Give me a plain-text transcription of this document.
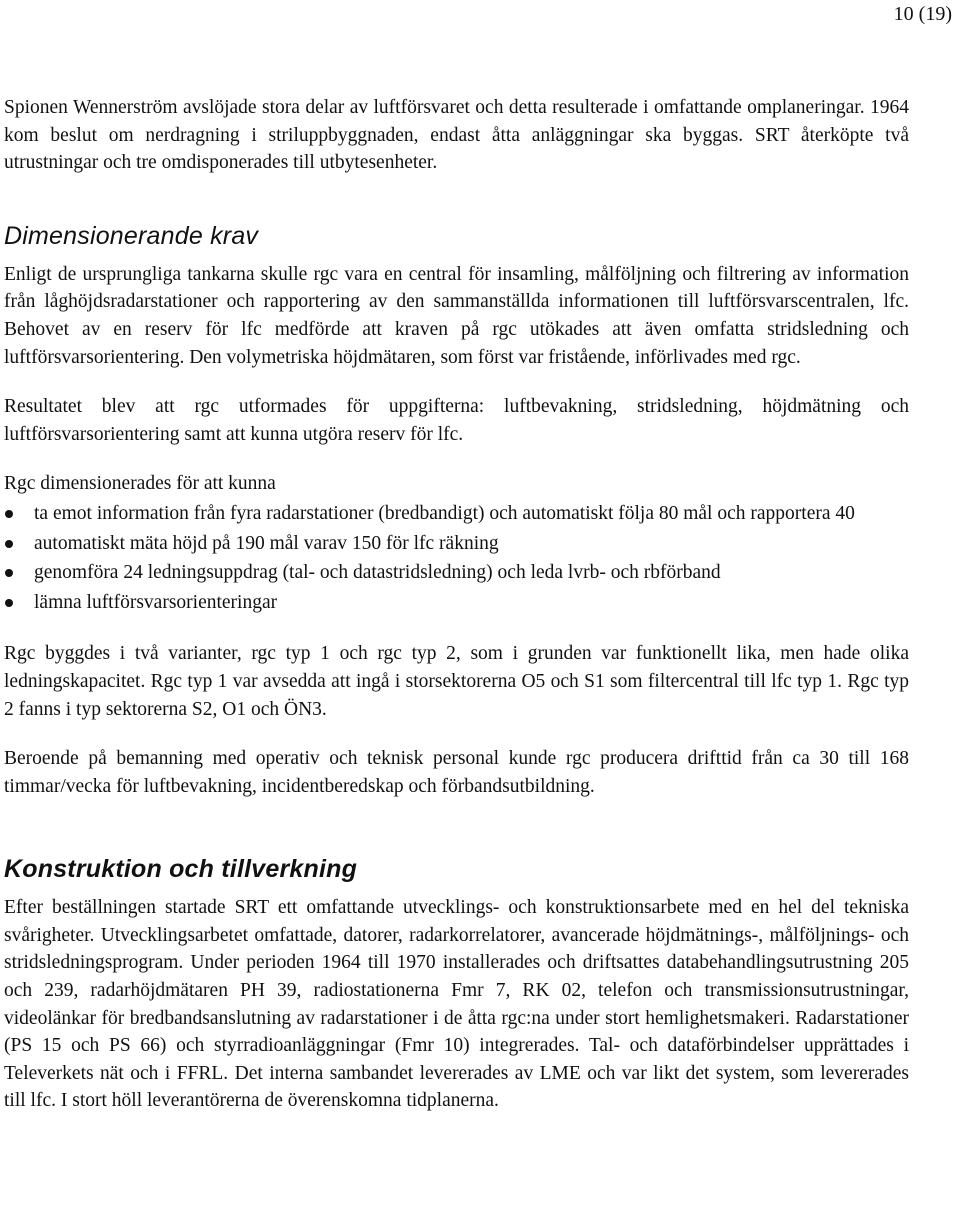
10 (19)

Spionen Wennerström avslöjade stora delar av luftförsvaret och detta resulterade i omfattande omplaneringar. 1964 kom beslut om nerdragning i striluppbyggnaden, endast åtta anläggningar ska byggas. SRT återköpte två utrustningar och tre omdisponerades till utbytesenheter.

Dimensionerande krav

Enligt de ursprungliga tankarna skulle rgc vara en central för insamling, målföljning och filtrering av information från låghöjdsradarstationer och rapportering av den sammanställda informationen till luftförsvarscentralen, lfc. Behovet av en reserv för lfc medförde att kraven på rgc utökades att även omfatta stridsledning och luftförsvarsorientering. Den volymetriska höjdmätaren, som först var fristående, införlivades med rgc.

Resultatet blev att rgc utformades för uppgifterna: luftbevakning, stridsledning, höjdmätning och luftförsvarsorientering samt att kunna utgöra reserv för lfc.

Rgc dimensionerades för att kunna

ta emot information från fyra radarstationer (bredbandigt) och automatiskt följa 80 mål och rapportera 40
automatiskt mäta höjd på 190 mål varav 150 för lfc räkning
genomföra 24 ledningsuppdrag (tal- och datastridsledning) och leda lvrb- och rbförband
lämna luftförsvarsorienteringar

Rgc byggdes i två varianter, rgc typ 1 och rgc typ 2, som i grunden var funktionellt lika, men hade olika ledningskapacitet. Rgc typ 1 var avsedda att ingå i storsektorerna O5 och S1 som filtercentral till lfc typ 1. Rgc typ 2 fanns i typ sektorerna S2, O1 och ÖN3.

Beroende på bemanning med operativ och teknisk personal kunde rgc producera drifttid från ca 30 till 168 timmar/vecka för luftbevakning, incidentberedskap och förbandsutbildning.

Konstruktion och tillverkning

Efter beställningen startade SRT ett omfattande utvecklings- och konstruktionsarbete med en hel del tekniska svårigheter. Utvecklingsarbetet omfattade, datorer, radarkorrelatorer, avancerade höjdmätnings-, målföljnings- och stridsledningsprogram. Under perioden 1964 till 1970 installerades och driftsattes databehandlingsutrustning 205 och 239, radarhöjdmätaren PH 39, radiostationerna Fmr 7, RK 02, telefon och transmissionsutrustningar, videolänkar för bredbandsanslutning av radarstationer i de åtta rgc:na under stort hemlighetsmakeri. Radarstationer (PS 15 och PS 66) och styrradioanläggningar (Fmr 10) integrerades. Tal- och dataförbindelser upprättades i Televerkets nät och i FFRL. Det interna sambandet levererades av LME och var likt det system, som levererades till lfc. I stort höll leverantörerna de överenskomna tidplanerna.
